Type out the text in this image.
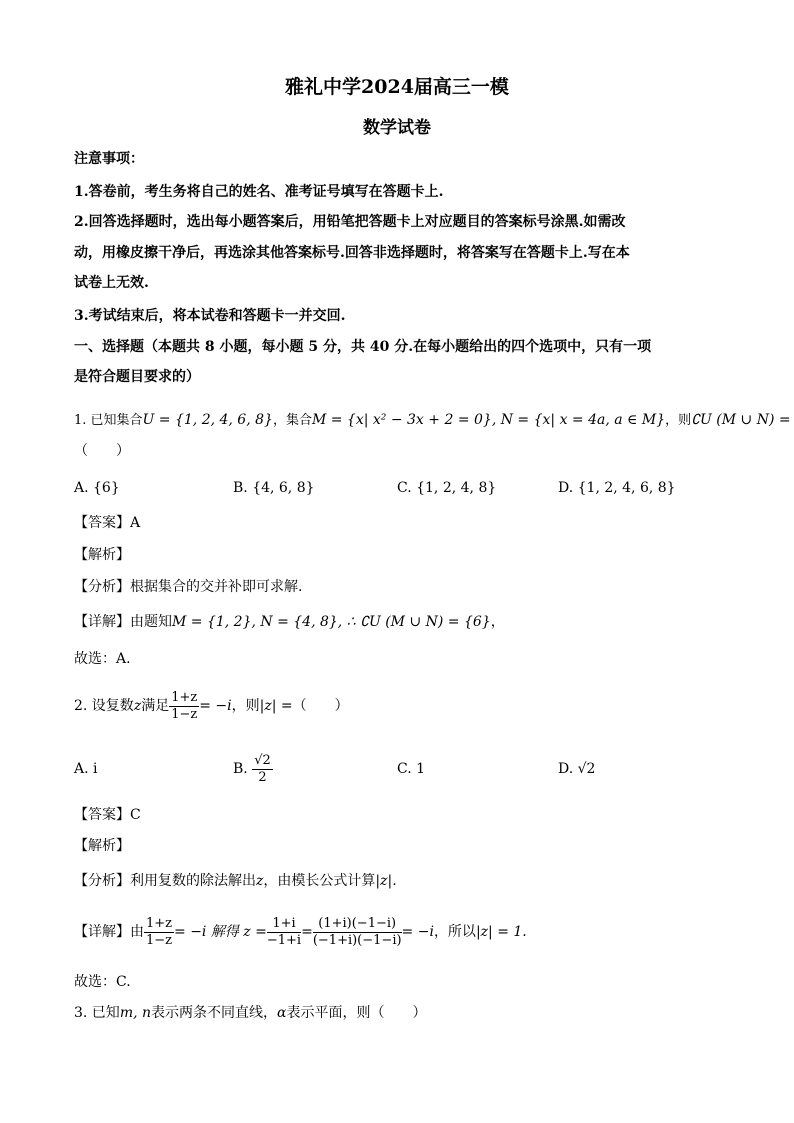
雅礼中学2024届高三一模
数学试卷
注意事项：
1.答卷前，考生务将自己的姓名、准考证号填写在答题卡上.
2.回答选择题时，选出每小题答案后，用铅笔把答题卡上对应题目的答案标号涂黑.如需改
动，用橡皮擦干净后，再选涂其他答案标号.回答非选择题时，将答案写在答题卡上.写在本
试卷上无效.
3.考试结束后，将本试卷和答题卡一并交回.
一、选择题（本题共 8 小题，每小题 5 分，共 40 分.在每小题给出的四个选项中，只有一项
是符合题目要求的）
1. 已知集合U = {1, 2, 4, 6, 8}，集合M = {x| x² − 3x + 2 = 0}, N = {x| x = 4a, a ∈ M}，则∁U (M ∪ N) =
（　　）
A. {6}	B. {4, 6, 8}	C. {1, 2, 4, 8}	D. {1, 2, 4, 6, 8}
【答案】A
【解析】
【分析】根据集合的交并补即可求解.
【详解】由题知M = {1, 2}, N = {4, 8}, ∴ ∁U (M ∪ N) = {6}，
故选：A.
2. 设复数z满足 $\frac{1+z}{1-z} = -i$，则|z| =（　　）
A. i	B. $\frac{√2}{2}$	C. 1	D. √2
【答案】C
【解析】
【分析】利用复数的除法解出z，由模长公式计算|z|.
【详解】由 $\frac{1+z}{1-z} = -i$ 解得 $z = \frac{1+i}{-1+i} = \frac{(1+i)(-1-i)}{(-1+i)(-1-i)} = -i$，所以|z| = 1.
故选：C.
3. 已知m, n表示两条不同直线，α表示平面，则（　　）
